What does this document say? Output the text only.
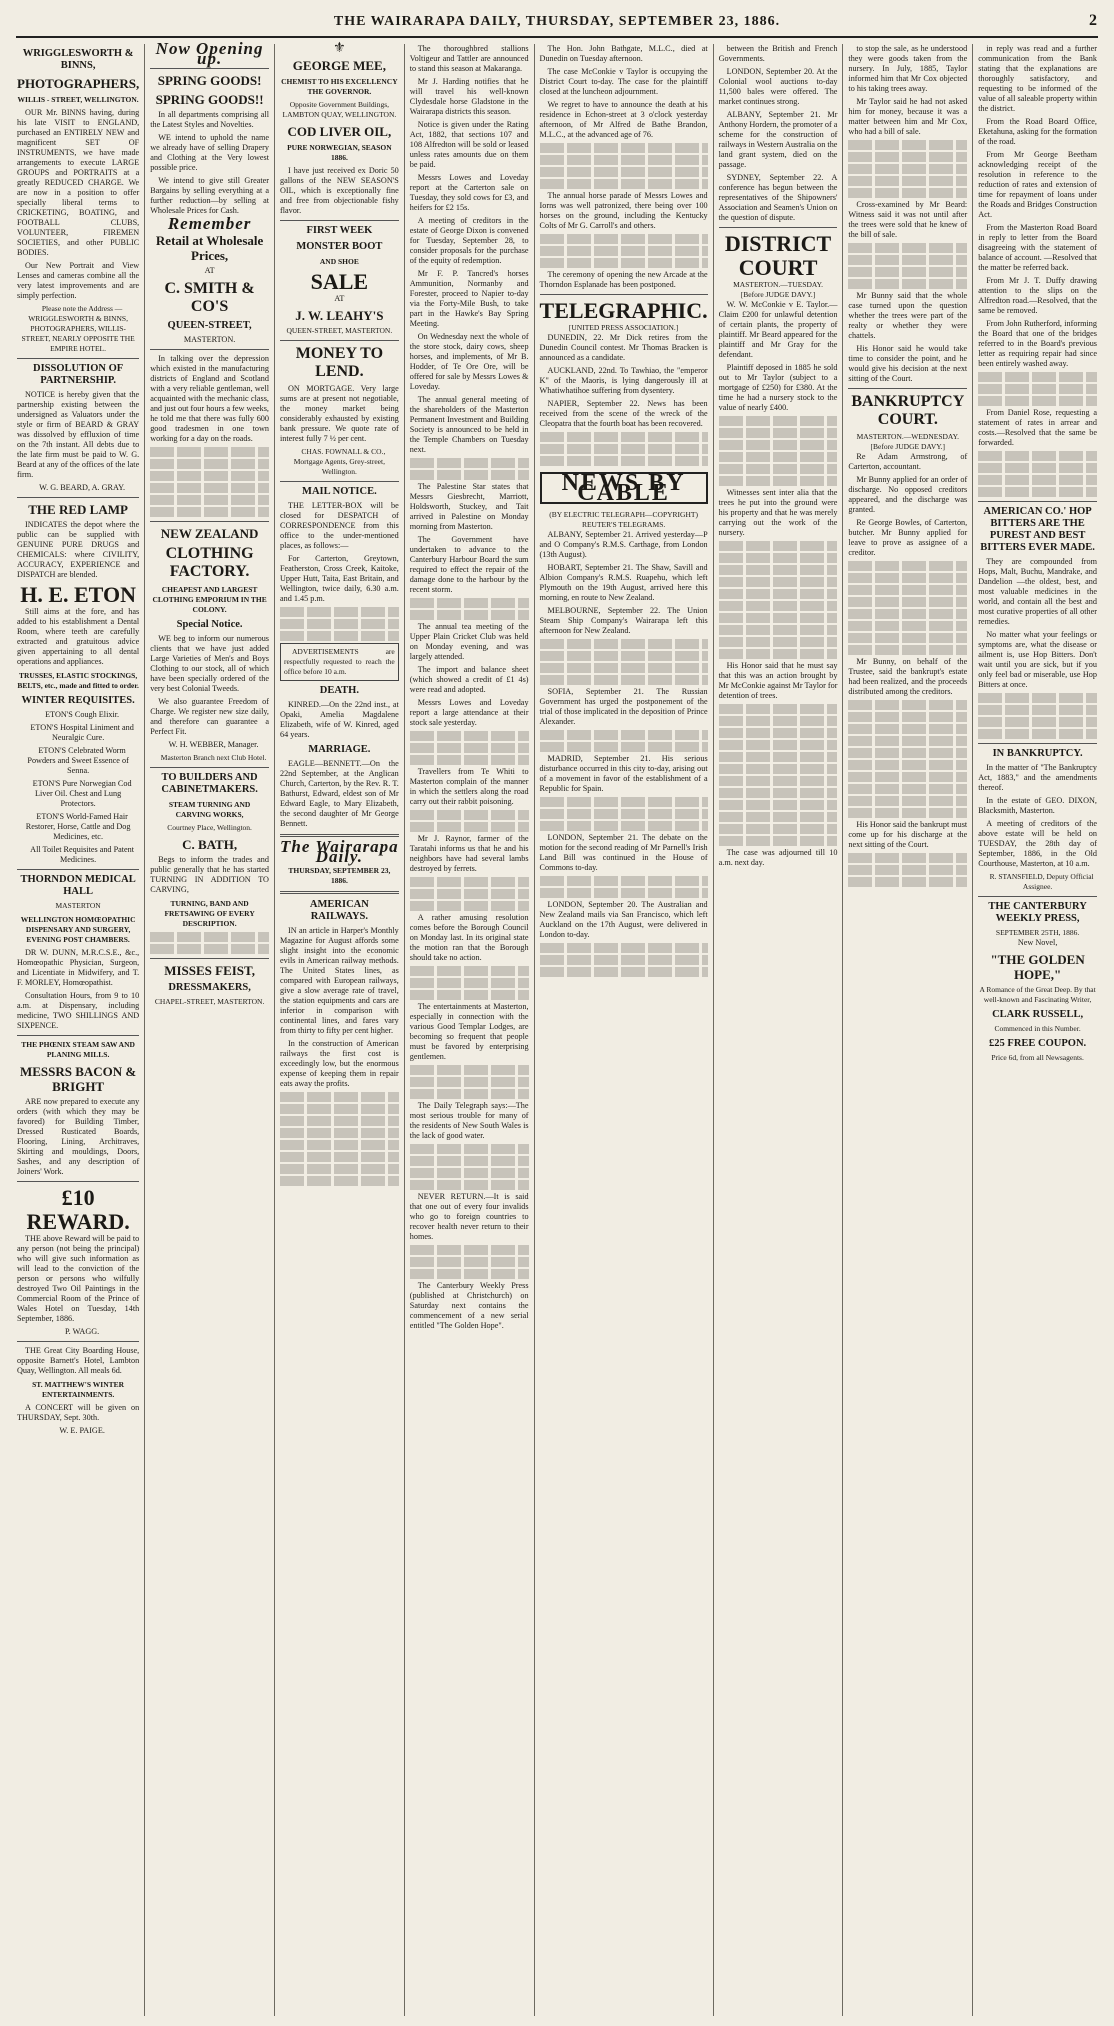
THE WAIRARAPA DAILY, THURSDAY, SEPTEMBER 23, 1886.	2
WRIGGLESWORTH & BINNS,
PHOTOGRAPHERS,
WILLIS - STREET, WELLINGTON.

OUR Mr. BINNS having, during his late VISIT to ENGLAND, purchased an ENTIRELY NEW and magnificent SET OF INSTRUMENTS, we have made arrangements to execute LARGE GROUPS and PORTRAITS at a greatly REDUCED CHARGE. We are now in a position to offer specially liberal terms to CRICKETING, BOATING, and FOOTBALL CLUBS, VOLUNTEER, FIREMEN SOCIETIES, and other PUBLIC BODIES.

Our New Portrait and View Lenses and cameras combine all the very latest improvements and are simply perfection.

Please note the Address — WRIGGLESWORTH & BINNS, PHOTOGRAPHERS, WILLIS-STREET, NEARLY OPPOSITE THE EMPIRE HOTEL.

DISSOLUTION OF PARTNERSHIP.

NOTICE is hereby given that the partnership existing between the undersigned as Valuators under the style or firm of BEARD & GRAY was dissolved by effluxion of time on the 7th instant. All debts due to the late firm must be paid to W. G. Beard at any of the offices of the late firm.

W. G. BEARD, A. GRAY.

THE RED LAMP

INDICATES the depot where the public can be supplied with GENUINE PURE DRUGS and CHEMICALS: where CIVILITY, ACCURACY, EXPERIENCE and DISPATCH are blended.

H. E. ETON

Still aims at the fore, and has added to his establishment a Dental Room, where teeth are carefully extracted and gratuitous advice given appertaining to all dental operations and appliances.

TRUSSES, ELASTIC STOCKINGS, BELTS, etc., made and fitted to order.
WINTER REQUISITES.

ETON'S Cough Elixir.

ETON'S Hospital Liniment and Neuralgic Cure.

ETON'S Celebrated Worm Powders and Sweet Essence of Senna.

ETON'S Pure Norwegian Cod Liver Oil. Chest and Lung Protectors.

ETON'S World-Famed Hair Restorer, Horse, Cattle and Dog Medicines, etc.

All Toilet Requisites and Patent Medicines.

THORNDON MEDICAL HALL
MASTERTON
WELLINGTON HOMŒOPATHIC DISPENSARY AND SURGERY, EVENING POST CHAMBERS.

DR W. DUNN, M.R.C.S.E., &c., Homœopathic Physician, Surgeon, and Licentiate in Midwifery, and T. F. MORLEY, Homœopathist.

Consultation Hours, from 9 to 10 a.m. at Dispensary, including medicine, TWO SHILLINGS AND SIXPENCE.

THE PHŒNIX STEAM SAW AND PLANING MILLS.
MESSRS BACON & BRIGHT

ARE now prepared to execute any orders (with which they may be favored) for Building Timber, Dressed Rusticated Boards, Flooring, Lining, Architraves, Skirting and mouldings, Doors, Sashes, and any description of Joiners' Work.

£10 REWARD.

THE above Reward will be paid to any person (not being the principal) who will give such information as will lead to the conviction of the person or persons who wilfully destroyed Two Oil Paintings in the Commercial Room of the Prince of Wales Hotel on Tuesday, 14th September, 1886.

P. WAGG.

THE Great City Boarding House, opposite Barnett's Hotel, Lambton Quay, Wellington. All meals 6d.

ST. MATTHEW'S WINTER ENTERTAINMENTS.

A CONCERT will be given on THURSDAY, Sept. 30th.

W. E. PAIGE.

Now Opening up.
SPRING GOODS!
SPRING GOODS!!

In all departments comprising all the Latest Styles and Novelties.

WE intend to uphold the name we already have of selling Drapery and Clothing at the Very lowest possible price.

We intend to give still Greater Bargains by selling everything at a further reduction—by selling at Wholesale Prices for Cash.

Remember
Retail at Wholesale Prices,
AT
C. SMITH & CO'S
QUEEN-STREET,
MASTERTON.

In talking over the depression which existed in the manufacturing districts of England and Scotland with a very reliable gentleman, well acquainted with the mechanic class, and just out four hours a few weeks, he told me that there was fully 600 good tradesmen in one town working for a day on the roads.

NEW ZEALAND
CLOTHING FACTORY.
CHEAPEST AND LARGEST CLOTHING EMPORIUM IN THE COLONY.
Special Notice.

WE beg to inform our numerous clients that we have just added Large Varieties of Men's and Boys Clothing to our stock, all of which have been specially ordered of the very best Colonial Tweeds.

We also guarantee Freedom of Charge. We register new size daily, and therefore can guarantee a Perfect Fit.

W. H. WEBBER, Manager.

Masterton Branch next Club Hotel.

TO BUILDERS AND CABINETMAKERS.
STEAM TURNING AND CARVING WORKS,
Courtney Place, Wellington.
C. BATH,

Begs to inform the trades and public generally that he has started TURNING IN ADDITION TO CARVING,

TURNING, BAND AND FRETSAWING OF EVERY DESCRIPTION.
MISSES FEIST,
DRESSMAKERS,
CHAPEL-STREET, MASTERTON.
⚜
GEORGE MEE,
CHEMIST TO HIS EXCELLENCY THE GOVERNOR.
Opposite Government Buildings,
LAMBTON QUAY, WELLINGTON.
COD LIVER OIL,
PURE NORWEGIAN, SEASON 1886.

I have just received ex Doric 50 gallons of the NEW SEASON'S OIL, which is exceptionally fine and free from objectionable fishy flavor.

FIRST WEEK
MONSTER BOOT
AND SHOE
SALE
AT
J. W. LEAHY'S
QUEEN-STREET, MASTERTON.
MONEY TO LEND.

ON MORTGAGE. Very large sums are at present not negotiable, the money market being considerably exhausted by existing bank pressure. We quote rate of interest fully 7 ½ per cent.

CHAS. FOWNALL & CO., Mortgage Agents, Grey-street, Wellington.

MAIL NOTICE.

THE LETTER-BOX will be closed for DESPATCH of CORRESPONDENCE from this office to the under-mentioned places, as follows:—

For Carterton, Greytown, Featherston, Cross Creek, Kaitoke, Upper Hutt, Taita, East Britain, and Wellington, twice daily, 6.30 a.m. and 1.45 p.m.

ADVERTISEMENTS are respectfully requested to reach the office before 10 a.m.

DEATH.

KINRED.—On the 22nd inst., at Opaki, Amelia Magdalene Elizabeth, wife of W. Kinred, aged 64 years.

MARRIAGE.

EAGLE—BENNETT.—On the 22nd September, at the Anglican Church, Carterton, by the Rev. R. T. Bathurst, Edward, eldest son of Mr Edward Eagle, to Mary Elizabeth, the second daughter of Mr George Bennett.

The Wairarapa Daily.
THURSDAY, SEPTEMBER 23, 1886.
AMERICAN RAILWAYS.

IN an article in Harper's Monthly Magazine for August affords some slight insight into the economic evils in American railway methods. The United States lines, as compared with European railways, give a slow average rate of travel, the station equipments and cars are inferior in comparison with continental lines, and fares vary from thirty to fifty per cent higher.

In the construction of American railways the first cost is exceedingly low, but the enormous expense of keeping them in repair eats away the profits.

The thoroughbred stallions Voltigeur and Tattler are announced to stand this season at Makaranga.

Mr J. Harding notifies that he will travel his well-known Clydesdale horse Gladstone in the Wairarapa districts this season.

Notice is given under the Rating Act, 1882, that sections 107 and 108 Alfredton will be sold or leased unless rates amounts due on them be paid.

Messrs Lowes and Loveday report at the Carterton sale on Tuesday, they sold cows for £3, and heifers for £2 15s.

A meeting of creditors in the estate of George Dixon is convened for Tuesday, September 28, to consider proposals for the purchase of the equity of redemption.

Mr F. P. Tancred's horses Ammunition, Normanby and Forester, proceed to Napier to-day via the Forty-Mile Bush, to take part in the Hawke's Bay Spring Meeting.

On Wednesday next the whole of the store stock, dairy cows, sheep horses, and implements, of Mr B. Hodder, of Te Ore Ore, will be offered for sale by Messrs Lowes & Loveday.

The annual general meeting of the shareholders of the Masterton Permanent Investment and Building Society is announced to be held in the Temple Chambers on Tuesday next.

The Palestine Star states that Messrs Giesbrecht, Marriott, Holdsworth, Stuckey, and Tait arrived in Palestine on Monday morning from Masterton.

The Government have undertaken to advance to the Canterbury Harbour Board the sum required to effect the repair of the damage done to the harbour by the recent storm.

The annual tea meeting of the Upper Plain Cricket Club was held on Monday evening, and was largely attended.

The import and balance sheet (which showed a credit of £1 4s) were read and adopted.

Messrs Lowes and Loveday report a large attendance at their stock sale yesterday.

Travellers from Te Whiti to Masterton complain of the manner in which the settlers along the road carry out their rabbit poisoning.

Mr J. Raynor, farmer of the Taratahi informs us that he and his neighbors have had several lambs destroyed by ferrets.

A rather amusing resolution comes before the Borough Council on Monday last. In its original state the motion ran that the Borough should take no action.

The entertainments at Masterton, especially in connection with the various Good Templar Lodges, are becoming so frequent that people must be favored by enterprising gentlemen.

The Daily Telegraph says:—The most serious trouble for many of the residents of New South Wales is the lack of good water.

NEVER RETURN.—It is said that one out of every four invalids who go to foreign countries to recover health never return to their homes.

The Canterbury Weekly Press (published at Christchurch) on Saturday next contains the commencement of a new serial entitled "The Golden Hope".

The Hon. John Bathgate, M.L.C., died at Dunedin on Tuesday afternoon.

The case McConkie v Taylor is occupying the District Court to-day. The case for the plaintiff closed at the luncheon adjournment.

We regret to have to announce the death at his residence in Echon-street at 3 o'clock yesterday afternoon, of Mr Alfred de Bathe Brandon, M.L.C., at the advanced age of 76.

The annual horse parade of Messrs Lowes and Iorns was well patronized, there being over 100 horses on the ground, including the Kentucky Colts of Mr G. Carroll's and others.

The ceremony of opening the new Arcade at the Thorndon Esplanade has been postponed.

TELEGRAPHIC.
[UNITED PRESS ASSOCIATION.]

DUNEDIN, 22. Mr Dick retires from the Dunedin Council contest. Mr Thomas Bracken is announced as a candidate.

AUCKLAND, 22nd. To Tawhiao, the "emperor K" of the Maoris, is lying dangerously ill at Whatiwhatihoe suffering from dysentery.

NAPIER, September 22. News has been received from the scene of the wreck of the Cleopatra that the fourth boat has been recovered.

NEWS BY CABLE
(BY ELECTRIC TELEGRAPH—COPYRIGHT) REUTER'S TELEGRAMS.

ALBANY, September 21. Arrived yesterday—P and O Company's R.M.S. Carthage, from London (13th August).

HOBART, September 21. The Shaw, Savill and Albion Company's R.M.S. Ruapehu, which left Plymouth on the 19th August, arrived here this morning, en route to New Zealand.

MELBOURNE, September 22. The Union Steam Ship Company's Wairarapa left this afternoon for New Zealand.

SOFIA, September 21. The Russian Government has urged the postponement of the trial of those implicated in the deposition of Prince Alexander.

MADRID, September 21. His serious disturbance occurred in this city to-day, arising out of a movement in favor of the establishment of a Republic for Spain.

LONDON, September 21. The debate on the motion for the second reading of Mr Parnell's Irish Land Bill was continued in the House of Commons to-day.

LONDON, September 20. The Australian and New Zealand mails via San Francisco, which left Auckland on the 17th August, were delivered in London to-day.

between the British and French Governments.

LONDON, September 20. At the Colonial wool auctions to-day 11,500 bales were offered. The market continues strong.

ALBANY, September 21. Mr Anthony Hordern, the promoter of a scheme for the construction of railways in Western Australia on the land grant system, died on the passage.

SYDNEY, September 22. A conference has begun between the representatives of the Shipowners' Association and Seamen's Union on the question of dispute.

DISTRICT COURT
MASTERTON.—TUESDAY.
[Before JUDGE DAVY.]

W. W. McConkie v E. Taylor.—Claim £200 for unlawful detention of certain plants, the property of plaintiff. Mr Beard appeared for the plaintiff and Mr Gray for the defendant.

Plaintiff deposed in 1885 he sold out to Mr Taylor (subject to a mortgage of £250) for £380. At the time he had a nursery stock to the value of nearly £400.

Witnesses sent inter alia that the trees he put into the ground were his property and that he was merely carrying out the work of the nursery.

His Honor said that he must say that this was an action brought by Mr McConkie against Mr Taylor for detention of trees.

The case was adjourned till 10 a.m. next day.

to stop the sale, as he understood they were goods taken from the nursery. In July, 1885, Taylor informed him that Mr Cox objected to his taking trees away.

Mr Taylor said he had not asked him for money, because it was a matter between him and Mr Cox, who had a bill of sale.

Cross-examined by Mr Beard: Witness said it was not until after the trees were sold that he knew of the bill of sale.

Mr Bunny said that the whole case turned upon the question whether the trees were part of the realty or whether they were chattels.

His Honor said he would take time to consider the point, and he would give his decision at the next sitting of the Court.

BANKRUPTCY COURT.
MASTERTON.—WEDNESDAY.
[Before JUDGE DAVY.]

Re Adam Armstrong, of Carterton, accountant.

Mr Bunny applied for an order of discharge. No opposed creditors appeared, and the discharge was granted.

Re George Bowles, of Carterton, butcher. Mr Bunny applied for leave to prove as assignee of a creditor.

Mr Bunny, on behalf of the Trustee, said the bankrupt's estate had been realized, and the proceeds distributed among the creditors.

His Honor said the bankrupt must come up for his discharge at the next sitting of the Court.

in reply was read and a further communication from the Bank stating that the explanations are thoroughly satisfactory, and requesting to be informed of the value of all saleable property within the district.

From the Road Board Office, Eketahuna, asking for the formation of the road.

From Mr George Beetham acknowledging receipt of the resolution in reference to the reduction of rates and extension of time for repayment of loans under the Roads and Bridges Construction Act.

From the Masterton Road Board in reply to letter from the Board disagreeing with the statement of balance of account. —Resolved that the matter be referred back.

From Mr J. T. Duffy drawing attention to the slips on the Alfredton road.—Resolved, that the same be removed.

From John Rutherford, informing the Board that one of the bridges referred to in the Board's previous letter as requiring repair had since been entirely washed away.

From Daniel Rose, requesting a statement of rates in arrear and costs.—Resolved that the same be forwarded.

AMERICAN CO.' HOP BITTERS ARE THE PUREST AND BEST BITTERS EVER MADE.

They are compounded from Hops, Malt, Buchu, Mandrake, and Dandelion —the oldest, best, and most valuable medicines in the world, and contain all the best and most curative properties of all other remedies.

No matter what your feelings or symptoms are, what the disease or ailment is, use Hop Bitters. Don't wait until you are sick, but if you only feel bad or miserable, use Hop Bitters at once.

IN BANKRUPTCY.

In the matter of "The Bankruptcy Act, 1883," and the amendments thereof.

In the estate of GEO. DIXON, Blacksmith, Masterton.

A meeting of creditors of the above estate will be held on TUESDAY, the 28th day of September, 1886, in the Old Courthouse, Masterton, at 10 a.m.

R. STANSFIELD, Deputy Official Assignee.

THE CANTERBURY WEEKLY PRESS,
SEPTEMBER 25TH, 1886.
New Novel,
"THE GOLDEN HOPE,"
A Romance of the Great Deep. By that well-known and Fascinating Writer,
CLARK RUSSELL,
Commenced in this Number.
£25 FREE COUPON.
Price 6d, from all Newsagents.
